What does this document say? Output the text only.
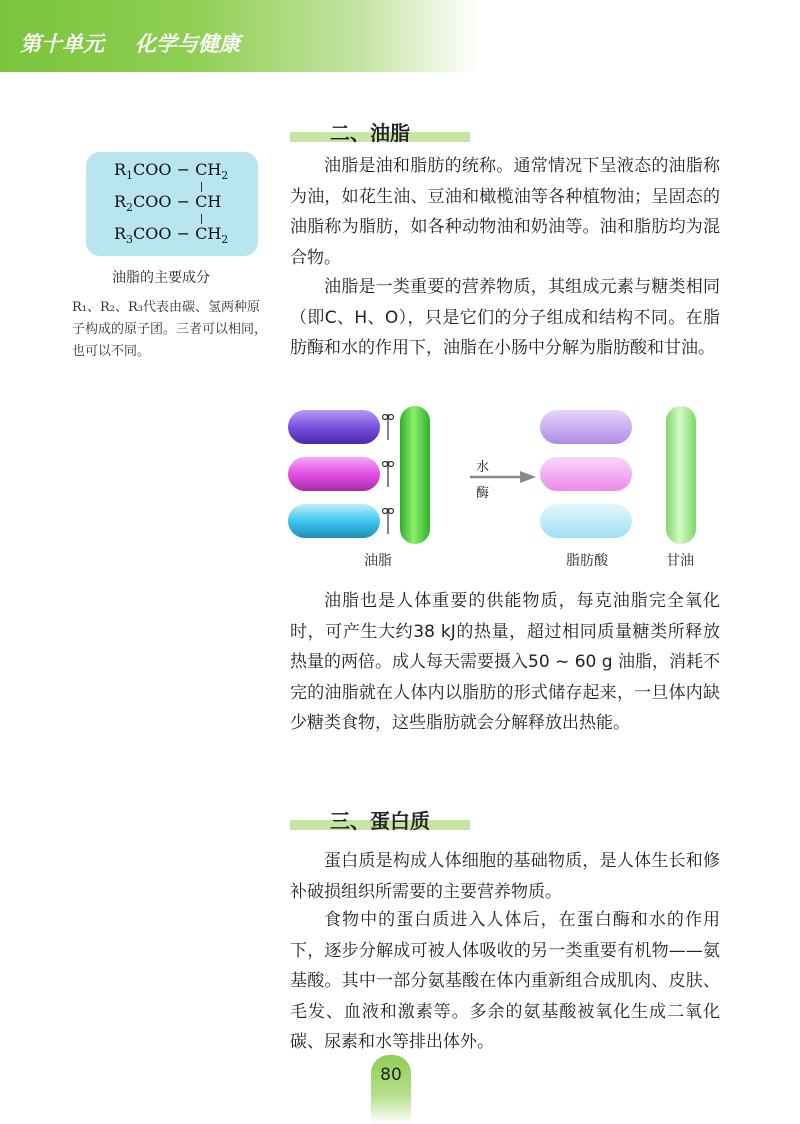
第十单元 化学与健康
$R_1COO - CH_2$
$R_2COO$ − CH
$R_3COO - CH_2$
油脂的主要成分
R₁、R₂、R₃代表由碳、氢两种原子构成的原子团。三者可以相同，也可以不同。
二、油脂

油脂是油和脂肪的统称。通常情况下呈液态的油脂称为油，如花生油、豆油和橄榄油等各种植物油；呈固态的油脂称为脂肪，如各种动物油和奶油等。油和脂肪均为混合物。

油脂是一类重要的营养物质，其组成元素与糖类相同（即C、H、O），只是它们的分子组成和结构不同。在脂肪酶和水的作用下，油脂在小肠中分解为脂肪酸和甘油。

水
酶
油脂	脂肪酸	甘油

油脂也是人体重要的供能物质，每克油脂完全氧化时，可产生大约38 kJ的热量，超过相同质量糖类所释放热量的两倍。成人每天需要摄入50 ~ 60 g 油脂，消耗不完的油脂就在人体内以脂肪的形式储存起来，一旦体内缺少糖类食物，这些脂肪就会分解释放出热能。

三、蛋白质

蛋白质是构成人体细胞的基础物质，是人体生长和修补破损组织所需要的主要营养物质。

食物中的蛋白质进入人体后，在蛋白酶和水的作用下，逐步分解成可被人体吸收的另一类重要有机物——氨基酸。其中一部分氨基酸在体内重新组合成肌肉、皮肤、毛发、血液和激素等。多余的氨基酸被氧化生成二氧化碳、尿素和水等排出体外。

80
